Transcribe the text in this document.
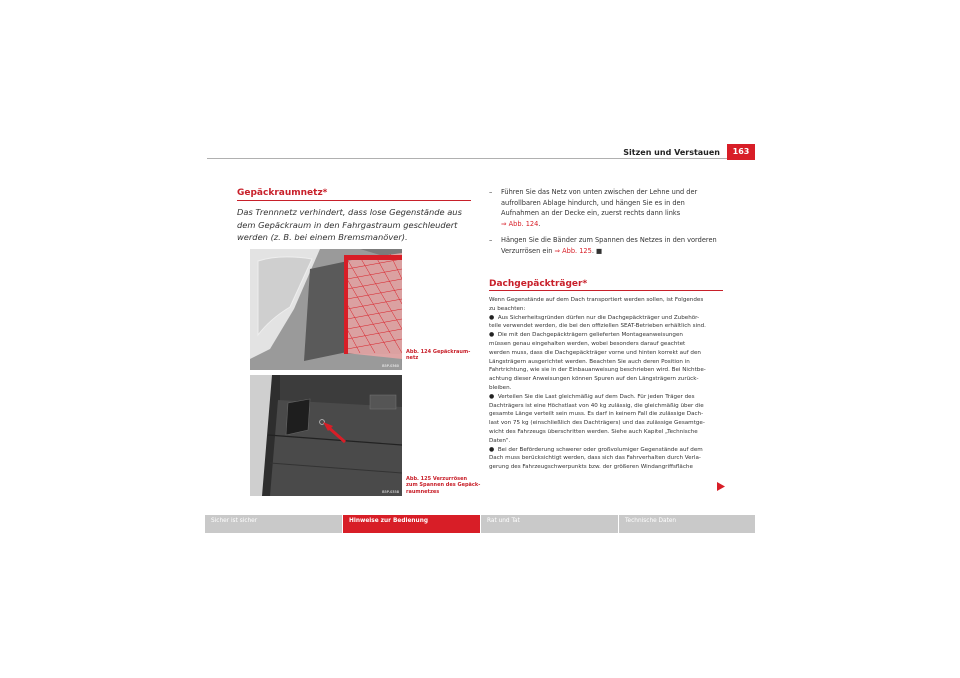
Sitzen und Verstauen	163
Gepäckraumnetz*
Das Trennnetz verhindert, dass lose Gegenstände aus dem Gepäckraum in den Fahrgastraum geschleudert werden (z. B. bei einem Bremsmanöver).
B5P-0360
Abb. 124 Gepäckraum-
netz
B5P-0358
Abb. 125 Verzurrösen
zum Spannen des Gepäck-
raumnetzes
– Führen Sie das Netz von unten zwischen der Lehne und der
aufrollbaren Ablage hindurch, und hängen Sie es in den
Aufnahmen an der Decke ein, zuerst rechts dann links
⇒ Abb. 124.
– Hängen Sie die Bänder zum Spannen des Netzes in den vorderen
Verzurrösen ein ⇒ Abb. 125. ■
Dachgepäckträger*
Wenn Gegenstände auf dem Dach transportiert werden sollen, ist Folgendes
zu beachten:
● Aus Sicherheitsgründen dürfen nur die Dachgepäckträger und Zubehör-
teile verwendet werden, die bei den offiziellen SEAT-Betrieben erhältlich sind.
● Die mit den Dachgepäckträgern gelieferten Montageanweisungen
müssen genau eingehalten werden, wobei besonders darauf geachtet
werden muss, dass die Dachgepäckträger vorne und hinten korrekt auf den
Längsträgern ausgerichtet werden. Beachten Sie auch deren Position in
Fahrtrichtung, wie sie in der Einbauanweisung beschrieben wird. Bei Nichtbe-
achtung dieser Anweisungen können Spuren auf den Längsträgern zurück-
bleiben.
● Verteilen Sie die Last gleichmäßig auf dem Dach. Für jeden Träger des
Dachträgers ist eine Höchstlast von 40 kg zulässig, die gleichmäßig über die
gesamte Länge verteilt sein muss. Es darf in keinem Fall die zulässige Dach-
last von 75 kg (einschließlich des Dachträgers) und das zulässige Gesamtge-
wicht des Fahrzeugs überschritten werden. Siehe auch Kapitel „Technische
Daten“.
● Bei der Beförderung schwerer oder großvolumiger Gegenstände auf dem
Dach muss berücksichtigt werden, dass sich das Fahrverhalten durch Verla-
gerung des Fahrzeugschwerpunkts bzw. der größeren Windangriffsfläche
Sicher ist sicher	Hinweise zur Bedienung	Rat und Tat	Technische Daten
